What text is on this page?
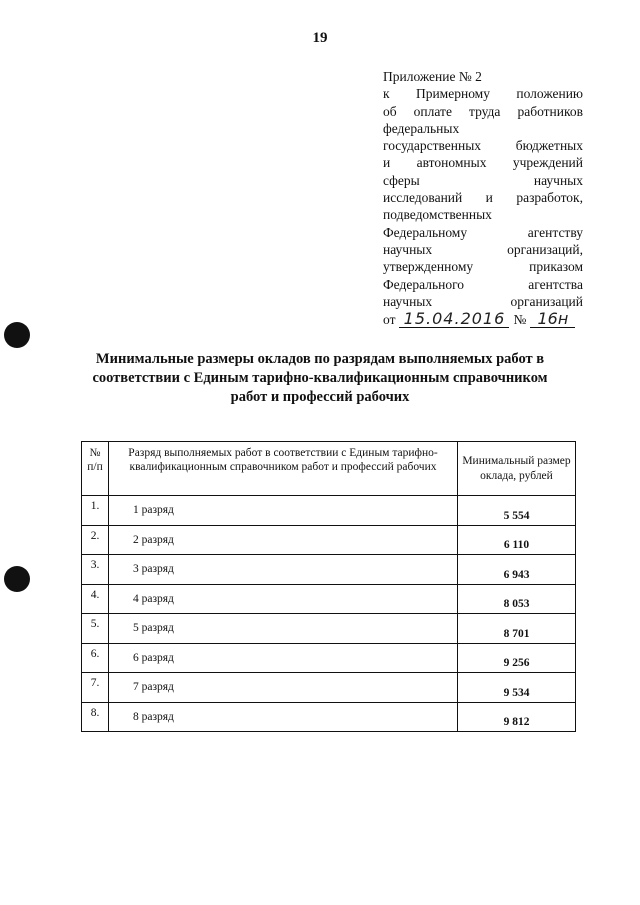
19
Приложение № 2
к Примерному положению
об оплате труда работников
федеральных
государственных бюджетных
и автономных учреждений
сферы научных
исследований и разработок,
подведомственных
Федеральному агентству
научных организаций,
утвержденному приказом
Федерального агентства
научных организаций
от 15.04.2016 № 16н
Минимальные размеры окладов по разрядам выполняемых работ в
соответствии с Единым тарифно-квалификационным справочником
работ и профессий рабочих
№
п/п	Разряд выполняемых работ в соответствии с Единым тарифно-квалификационным справочником работ и профессий рабочих	Минимальный размер оклада, рублей
1.	1 разряд	5 554
2.	2 разряд	6 110
3.	3 разряд	6 943
4.	4 разряд	8 053
5.	5 разряд	8 701
6.	6 разряд	9 256
7.	7 разряд	9 534
8.	8 разряд	9 812
